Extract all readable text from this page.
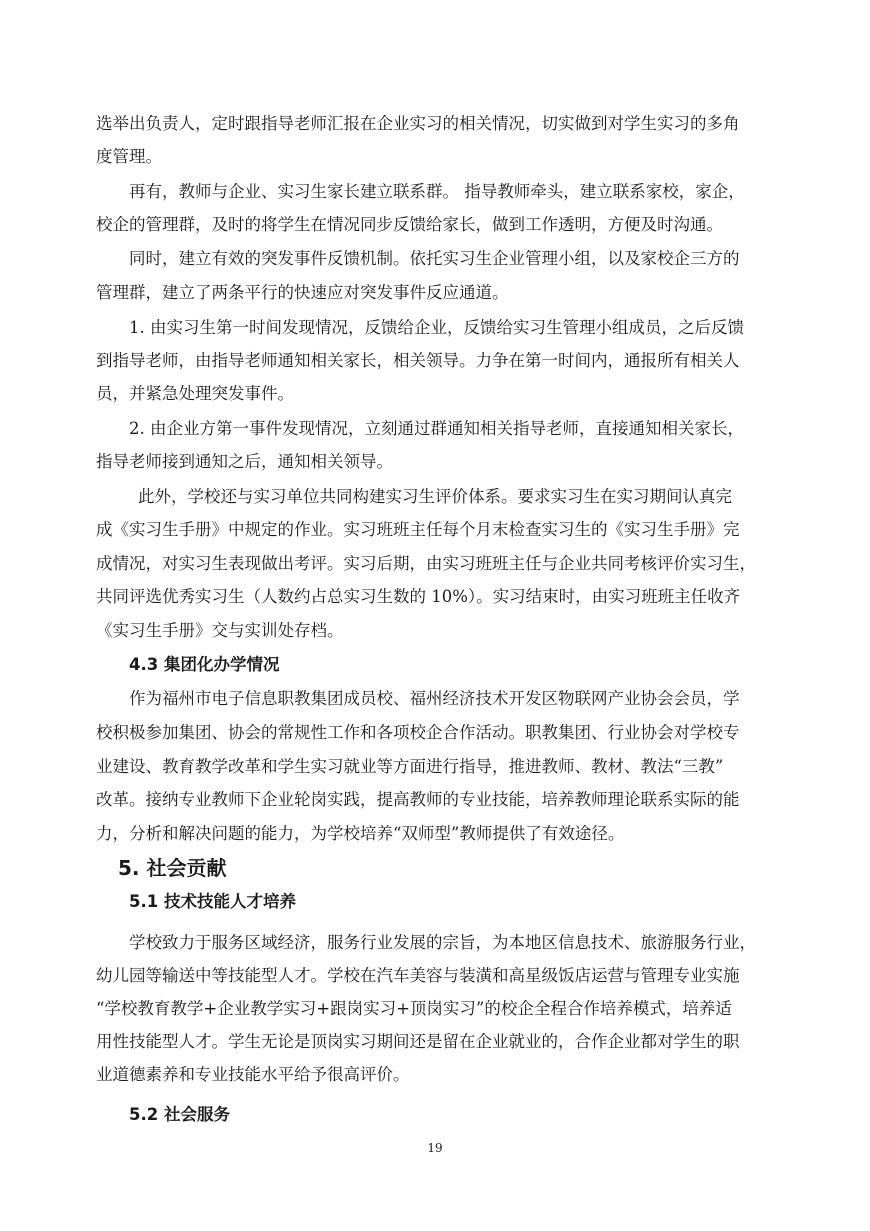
选举出负责人，定时跟指导老师汇报在企业实习的相关情况，切实做到对学生实习的多角
度管理。
再有，教师与企业、实习生家长建立联系群。 指导教师牵头，建立联系家校，家企，
校企的管理群，及时的将学生在情况同步反馈给家长，做到工作透明，方便及时沟通。
同时，建立有效的突发事件反馈机制。依托实习生企业管理小组，以及家校企三方的
管理群，建立了两条平行的快速应对突发事件反应通道。
1. 由实习生第一时间发现情况，反馈给企业，反馈给实习生管理小组成员，之后反馈
到指导老师，由指导老师通知相关家长，相关领导。力争在第一时间内，通报所有相关人
员，并紧急处理突发事件。
2. 由企业方第一事件发现情况，立刻通过群通知相关指导老师，直接通知相关家长，
指导老师接到通知之后，通知相关领导。
此外，学校还与实习单位共同构建实习生评价体系。要求实习生在实习期间认真完
成《实习生手册》中规定的作业。实习班班主任每个月末检查实习生的《实习生手册》完
成情况，对实习生表现做出考评。实习后期，由实习班班主任与企业共同考核评价实习生，
共同评选优秀实习生（人数约占总实习生数的 10%）。实习结束时，由实习班班主任收齐
《实习生手册》交与实训处存档。
4.3 集团化办学情况
作为福州市电子信息职教集团成员校、福州经济技术开发区物联网产业协会会员，学
校积极参加集团、协会的常规性工作和各项校企合作活动。职教集团、行业协会对学校专
业建设、教育教学改革和学生实习就业等方面进行指导，推进教师、教材、教法“三教”
改革。接纳专业教师下企业轮岗实践，提高教师的专业技能，培养教师理论联系实际的能
力，分析和解决问题的能力，为学校培养“双师型”教师提供了有效途径。
5. 社会贡献
5.1 技术技能人才培养
学校致力于服务区域经济，服务行业发展的宗旨，为本地区信息技术、旅游服务行业，
幼儿园等输送中等技能型人才。学校在汽车美容与装潢和高星级饭店运营与管理专业实施
“学校教育教学+企业教学实习+跟岗实习+顶岗实习”的校企全程合作培养模式，培养适
用性技能型人才。学生无论是顶岗实习期间还是留在企业就业的，合作企业都对学生的职
业道德素养和专业技能水平给予很高评价。
5.2 社会服务
19
